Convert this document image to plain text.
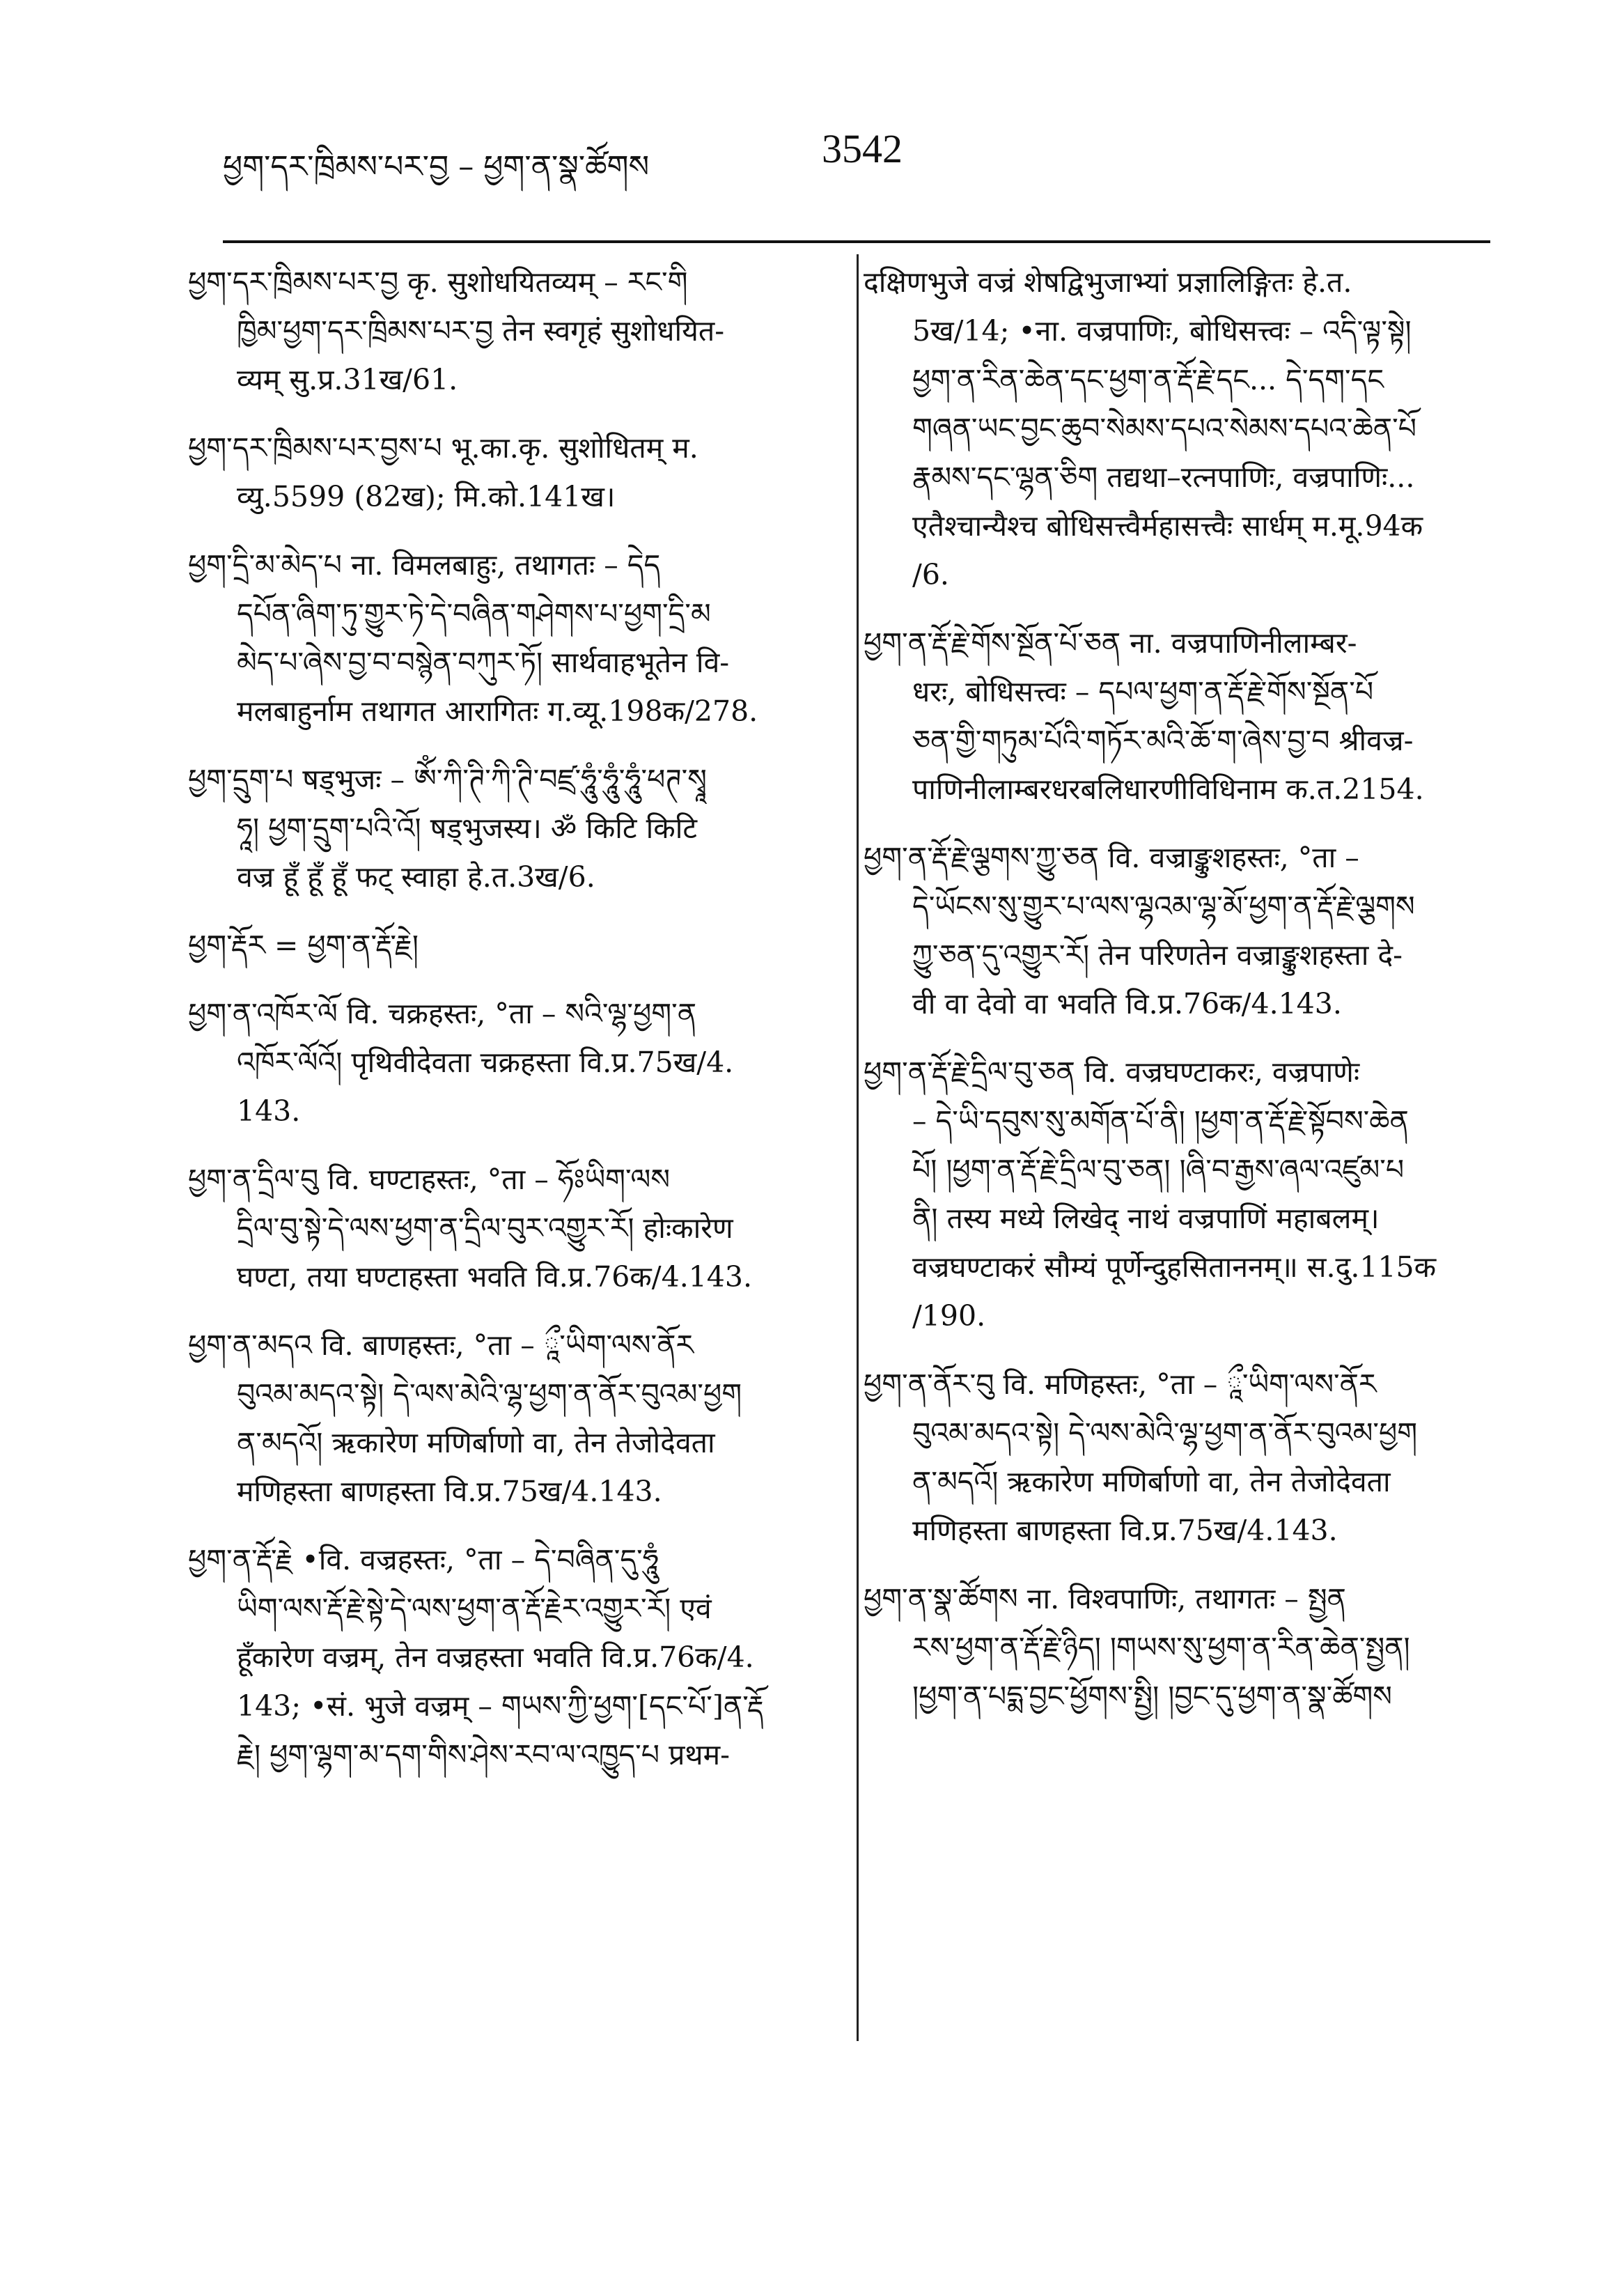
ཕྱག་དར་ཁྲིམས་པར་བྱ – ཕྱག་ན་སྣ་ཚོགས	3542
ཕྱག་དར་ཁྲིམས་པར་བྱ कृ. सुशोधयितव्यम् – རང་གི
ཁྱིམ་ཕྱག་དར་ཁྲིམས་པར་བྱ तेन स्वगृहं सुशोधयित-
व्यम् सु.प्र.31ख/61.
ཕྱག་དར་ཁྲིམས་པར་བྱས་པ भू.का.कृ. सुशोधितम् म.
व्यु.5599 (82ख); मि.को.141ख।
ཕྱག་དྲི་མ་མེད་པ ना. विमलबाहुः, तथागतः – དེད
དཔོན་ཞིག་ཏུ་གྱུར་ཏེ་དེ་བཞིན་གཤེགས་པ་ཕྱག་དྲི་མ
མེད་པ་ཞེས་བྱ་བ་བསྙེན་བཀུར་ཏོ། सार्थवाहभूतेन वि-
मलबाहुर्नाम तथागत आरागितः ग.व्यू.198क/278.
ཕྱག་དྲུག་པ षड्भुजः – ཨོཾ་ཀི་ཊི་ཀི་ཊི་བཛྲ་ཧཱུཾ་ཧཱུཾ་ཧཱུཾ་ཕཊ་སྭཱ
ཧཱ། ཕྱག་དྲུག་པའི་འོ། षड्भुजस्य। ॐ किटि किटि
वज्र हूँ हूँ हूँ फट् स्वाहा हे.त.3ख/6.
ཕྱག་རྡོར = ཕྱག་ན་རྡོ་རྗེ།
ཕྱག་ན་འཁོར་ལོ वि. चक्रहस्तः, °ता – སའི་ལྷ་ཕྱག་ན
འཁོར་ལོའོ། पृथिवीदेवता चक्रहस्ता वि.प्र.75ख/4.
143.
ཕྱག་ན་དྲིལ་བུ वि. घण्टाहस्तः, °ता – ཧོཿཡིག་ལས
དྲིལ་བུ་སྟེ་དེ་ལས་ཕྱག་ན་དྲིལ་བུར་འགྱུར་རོ། होःकारेण
घण्टा, तया घण्टाहस्ता भवति वि.प्र.76क/4.143.
ཕྱག་ན་མདའ वि. बाणहस्तः, °ता – ཱྀ་ཡིག་ལས་ནོར
བུའམ་མདའ་སྟེ། དེ་ལས་མེའི་ལྷ་ཕྱག་ན་ནོར་བུའམ་ཕྱག
ན་མདའོ། ऋकारेण मणिर्बाणो वा, तेन तेजोदेवता
मणिहस्ता बाणहस्ता वि.प्र.75ख/4.143.
ཕྱག་ན་རྡོ་རྗེ •वि. वज्रहस्तः, °ता – དེ་བཞིན་དུ་ཧཱུཾ
ཡིག་ལས་རྡོ་རྗེ་སྟེ་དེ་ལས་ཕྱག་ན་རྡོ་རྗེར་འགྱུར་རོ། एवं
हूँकारेण वज्रम्, तेन वज्रहस्ता भवति वि.प्र.76क/4.
143; •सं. भुजे वज्रम् – གཡས་ཀྱི་ཕྱག་[དང་པོ་]ན་རྡོ
རྗེ། ཕྱག་ལྷག་མ་དག་གིས་ཤེས་རབ་ལ་འཁྱུད་པ प्रथम-
दक्षिणभुजे वज्रं शेषद्विभुजाभ्यां प्रज्ञालिङ्गितः हे.त.
5ख/14; •ना. वज्रपाणिः, बोधिसत्त्वः – འདི་ལྟ་སྟེ།
ཕྱག་ན་རིན་ཆེན་དང་ཕྱག་ན་རྡོ་རྗེ་དང... དེ་དག་དང
གཞན་ཡང་བྱང་ཆུབ་སེམས་དཔའ་སེམས་དཔའ་ཆེན་པོ
རྣམས་དང་ལྷན་ཅིག तद्यथा–रत्नपाणिः, वज्रपाणिः...
एतैश्चान्यैश्च बोधिसत्त्वैर्महासत्त्वैः सार्धम् म.मू.94क
/6.
ཕྱག་ན་རྡོ་རྗེ་གོས་སྔོན་པོ་ཅན ना. वज्रपाणिनीलाम्बर-
धरः, बोधिसत्त्वः – དཔལ་ཕྱག་ན་རྡོ་རྗེ་གོས་སྔོན་པོ
ཅན་གྱི་གཏུམ་པོའི་གཏོར་མའི་ཆོ་ག་ཞེས་བྱ་བ श्रीवज्र-
पाणिनीलाम्बरधरबलिधारणीविधिनाम क.त.2154.
ཕྱག་ན་རྡོ་རྗེ་ལྕགས་ཀྱུ་ཅན वि. वज्राङ्कुशहस्तः, °ता –
དེ་ཡོངས་སུ་གྱུར་པ་ལས་ལྷའམ་ལྷ་མོ་ཕྱག་ན་རྡོ་རྗེ་ལྕགས
ཀྱུ་ཅན་དུ་འགྱུར་རོ། तेन परिणतेन वज्राङ्कुशहस्ता दे-
वी वा देवो वा भवति वि.प्र.76क/4.143.
ཕྱག་ན་རྡོ་རྗེ་དྲིལ་བུ་ཅན वि. वज्रघण्टाकरः, वज्रपाणेः
– དེ་ཡི་དབུས་སུ་མགོན་པོ་ནི། །ཕྱག་ན་རྡོ་རྗེ་སྟོབས་ཆེན
པོ། །ཕྱག་ན་རྡོ་རྗེ་དྲིལ་བུ་ཅན། །ཞི་བ་རྒྱས་ཞལ་འཛུམ་པ
ནི། तस्य मध्ये लिखेद् नाथं वज्रपाणिं महाबलम्।
वज्रघण्टाकरं सौम्यं पूर्णेन्दुहसिताननम्॥ स.दु.115क
/190.
ཕྱག་ན་ནོར་བུ वि. मणिहस्तः, °ता – ཱྀ་ཡིག་ལས་ནོར
བུའམ་མདའ་སྟེ། དེ་ལས་མེའི་ལྷ་ཕྱག་ན་ནོར་བུའམ་ཕྱག
ན་མདའོ། ऋकारेण मणिर्बाणो वा, तेन तेजोदेवता
मणिहस्ता बाणहस्ता वि.प्र.75ख/4.143.
ཕྱག་ན་སྣ་ཚོགས ना. विश्वपाणिः, तथागतः – སྤྱན
རས་ཕྱག་ན་རྡོ་རྗེ་ཉིད། །གཡས་སུ་ཕྱག་ན་རིན་ཆེན་སྤྱན།
།ཕྱག་ན་པདྨ་བྱང་ཕྱོགས་སྤྱི། །བྱང་དུ་ཕྱག་ན་སྣ་ཚོགས
